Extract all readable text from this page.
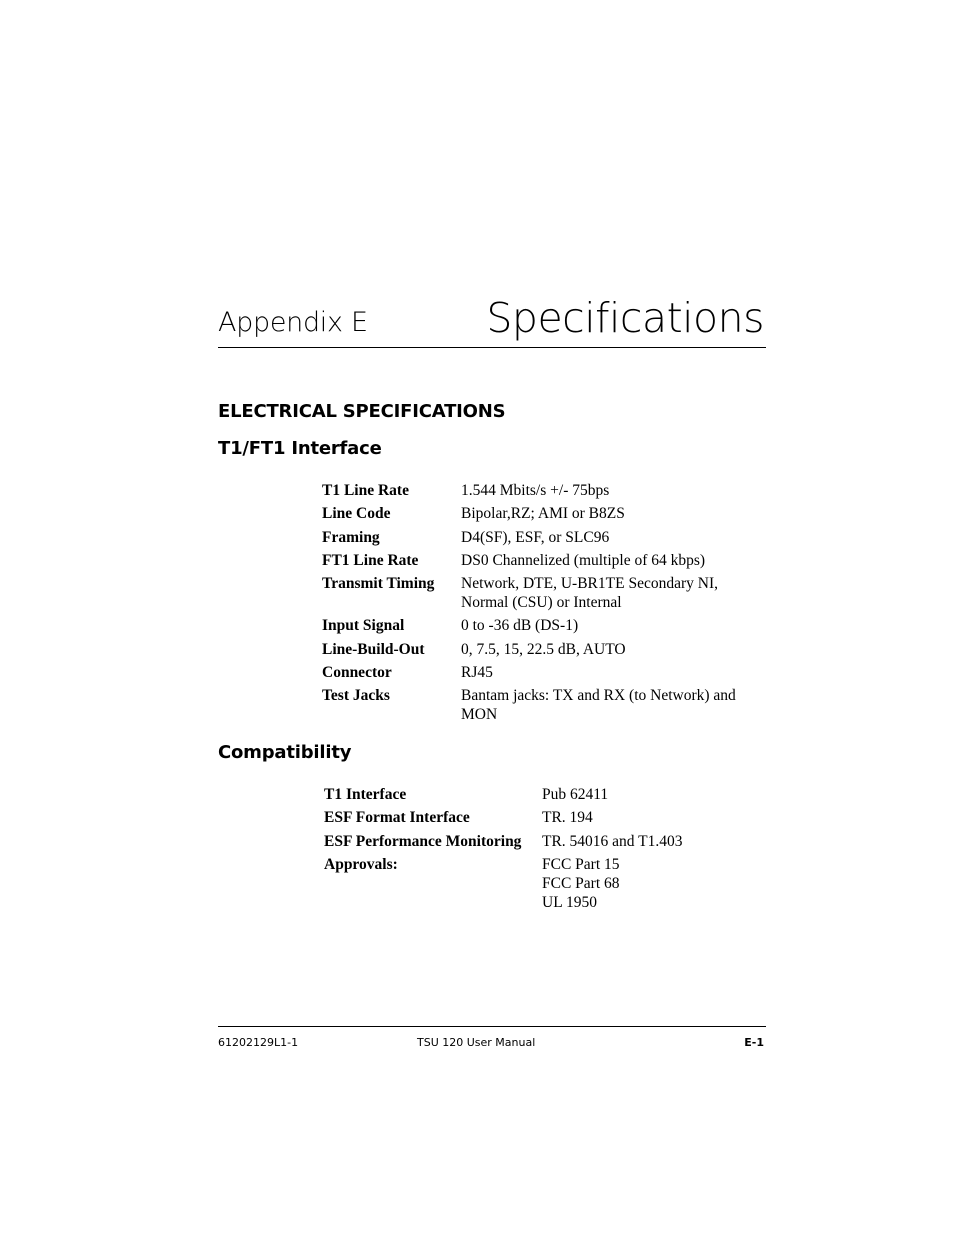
Appendix E	Specifications
ELECTRICAL SPECIFICATIONS
T1/FT1 Interface
T1 Line Rate	1.544 Mbits/s +/- 75bps
Line Code	Bipolar,RZ; AMI or B8ZS
Framing	D4(SF), ESF, or SLC96
FT1 Line Rate	DS0 Channelized (multiple of 64 kbps)
Transmit Timing	Network, DTE, U-BR1TE Secondary NI,
Normal (CSU) or Internal
Input Signal	0 to -36 dB (DS-1)
Line-Build-Out	0, 7.5, 15, 22.5 dB, AUTO
Connector	RJ45
Test Jacks	Bantam jacks: TX and RX (to Network) and
MON
Compatibility
T1 Interface	Pub 62411
ESF Format Interface	TR. 194
ESF Performance Monitoring	TR. 54016 and T1.403
Approvals:	FCC Part 15
FCC Part 68
UL 1950
61202129L1-1	TSU 120 User Manual	E-1
